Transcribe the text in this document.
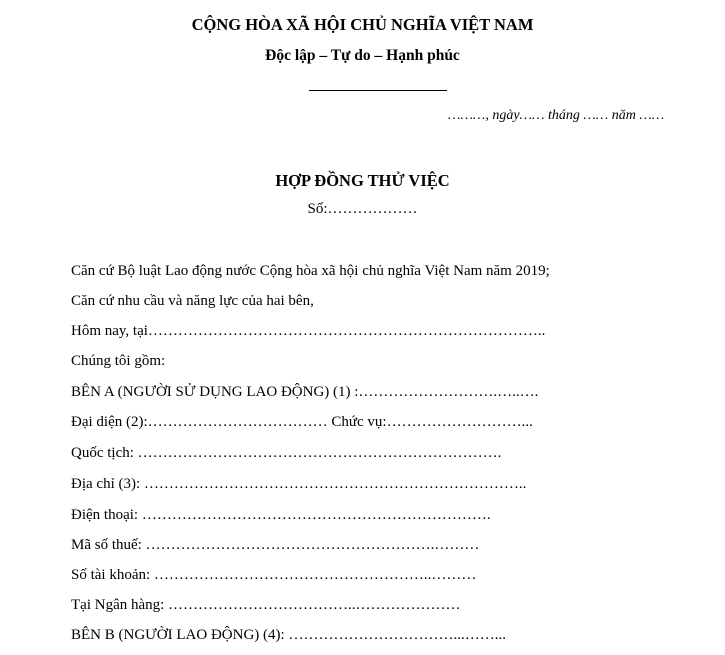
CỘNG HÒA XÃ HỘI CHỦ NGHĨA VIỆT NAM
Độc lập – Tự do – Hạnh phúc
………, ngày…… tháng …… năm ……
HỢP ĐỒNG THỬ VIỆC
Số:………………
Căn cứ Bộ luật Lao động nước Cộng hòa xã hội chủ nghĩa Việt Nam năm 2019;
Căn cứ nhu cầu và năng lực của hai bên,
Hôm nay, tại……………………………………………………………………..
Chúng tôi gồm:
BÊN A (NGƯỜI SỬ DỤNG LAO ĐỘNG) (1) :……………………….…..….
Đại diện (2):……………………………… Chức vụ:………………………...
Quốc tịch: ……………………………………………………………….
Địa chỉ (3): …………………………………………………………………..
Điện thoại: …………………………………………………………….
Mã số thuế: ………………………………………………….………
Số tài khoản: ………………………………………………..………
Tại Ngân hàng: ………………………………..…………………
BÊN B (NGƯỜI LAO ĐỘNG) (4): ……………………………...……...
